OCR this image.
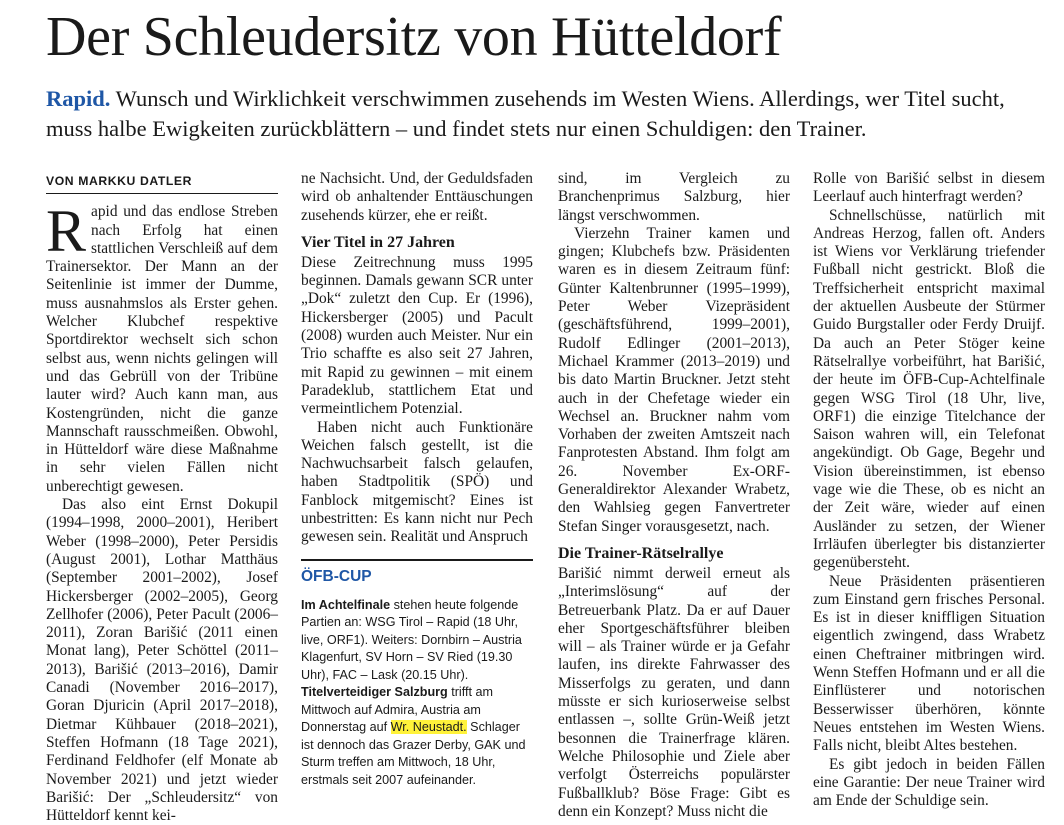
Der Schleudersitz von Hütteldorf

Rapid. Wunsch und Wirklichkeit verschwimmen zusehends im Westen Wiens. Allerdings, wer Titel sucht, muss halbe Ewigkeiten zurückblättern – und findet stets nur einen Schuldigen: den Trainer.

VON MARKKU DATLER

Rapid und das endlose Streben nach Erfolg hat einen stattlichen Verschleiß auf dem Trainersektor. Der Mann an der Seitenlinie ist immer der Dumme, muss ausnahmslos als Erster gehen. Welcher Klubchef respektive Sportdirektor wechselt sich schon selbst aus, wenn nichts gelingen will und das Gebrüll von der Tribüne lauter wird? Auch kann man, aus Kostengründen, nicht die ganze Mannschaft rausschmeißen. Obwohl, in Hütteldorf wäre diese Maßnahme in sehr vielen Fällen nicht unberechtigt gewesen.

Das also eint Ernst Dokupil (1994–1998, 2000–2001), Heribert Weber (1998–2000), Peter Persidis (August 2001), Lothar Matthäus (September 2001–2002), Josef Hickersberger (2002–2005), Georg Zellhofer (2006), Peter Pacult (2006–2011), Zoran Barišić (2011 einen Monat lang), Peter Schöttel (2011–2013), Barišić (2013–2016), Damir Canadi (November 2016–2017), Goran Djuricin (April 2017–2018), Dietmar Kühbauer (2018–2021), Steffen Hofmann (18 Tage 2021), Ferdinand Feldhofer (elf Monate ab November 2021) und jetzt wieder Barišić: Der „Schleudersitz“ von Hütteldorf kennt kei-

ne Nachsicht. Und, der Geduldsfaden wird ob anhaltender Enttäuschungen zusehends kürzer, ehe er reißt.

Vier Titel in 27 Jahren

Diese Zeitrechnung muss 1995 beginnen. Damals gewann SCR unter „Dok“ zuletzt den Cup. Er (1996), Hickersberger (2005) und Pacult (2008) wurden auch Meister. Nur ein Trio schaffte es also seit 27 Jahren, mit Rapid zu gewinnen – mit einem Paradeklub, stattlichem Etat und vermeintlichem Potenzial.

Haben nicht auch Funktionäre Weichen falsch gestellt, ist die Nachwuchsarbeit falsch gelaufen, haben Stadtpolitik (SPÖ) und Fanblock mitgemischt? Eines ist unbestritten: Es kann nicht nur Pech gewesen sein. Realität und Anspruch

ÖFB-CUP
Im Achtelfinale stehen heute folgende Partien an: WSG Tirol – Rapid (18 Uhr, live, ORF1). Weiters: Dornbirn – Austria Klagenfurt, SV Horn – SV Ried (19.30 Uhr), FAC – Lask (20.15 Uhr). Titelverteidiger Salzburg trifft am Mittwoch auf Admira, Austria am Donnerstag auf Wr. Neustadt. Schlager ist dennoch das Grazer Derby, GAK und Sturm treffen am Mittwoch, 18 Uhr, erstmals seit 2007 aufeinander.

sind, im Vergleich zu Branchenprimus Salzburg, hier längst verschwommen.

Vierzehn Trainer kamen und gingen; Klubchefs bzw. Präsidenten waren es in diesem Zeitraum fünf: Günter Kaltenbrunner (1995–1999), Peter Weber Vizepräsident (geschäftsführend, 1999–2001), Rudolf Edlinger (2001–2013), Michael Krammer (2013–2019) und bis dato Martin Bruckner. Jetzt steht auch in der Chefetage wieder ein Wechsel an. Bruckner nahm vom Vorhaben der zweiten Amtszeit nach Fanprotesten Abstand. Ihm folgt am 26. November Ex-ORF-Generaldirektor Alexander Wrabetz, den Wahlsieg gegen Fanvertreter Stefan Singer vorausgesetzt, nach.

Die Trainer-Rätselrallye

Barišić nimmt derweil erneut als „Interimslösung“ auf der Betreuerbank Platz. Da er auf Dauer eher Sportgeschäftsführer bleiben will – als Trainer würde er ja Gefahr laufen, ins direkte Fahrwasser des Misserfolgs zu geraten, und dann müsste er sich kurioserweise selbst entlassen –, sollte Grün-Weiß jetzt besonnen die Trainerfrage klären. Welche Philosophie und Ziele aber verfolgt Österreichs populärster Fußballklub? Böse Frage: Gibt es denn ein Konzept? Muss nicht die

Rolle von Barišić selbst in diesem Leerlauf auch hinterfragt werden?

Schnellschüsse, natürlich mit Andreas Herzog, fallen oft. Anders ist Wiens vor Verklärung triefender Fußball nicht gestrickt. Bloß die Treffsicherheit entspricht maximal der aktuellen Ausbeute der Stürmer Guido Burgstaller oder Ferdy Druijf. Da auch an Peter Stöger keine Rätselrallye vorbeiführt, hat Barišić, der heute im ÖFB-Cup-Achtelfinale gegen WSG Tirol (18 Uhr, live, ORF1) die einzige Titelchance der Saison wahren will, ein Telefonat angekündigt. Ob Gage, Begehr und Vision übereinstimmen, ist ebenso vage wie die These, ob es nicht an der Zeit wäre, wieder auf einen Ausländer zu setzen, der Wiener Irrläufen überlegter bis distanzierter gegenübersteht.

Neue Präsidenten präsentieren zum Einstand gern frisches Personal. Es ist in dieser kniffligen Situation eigentlich zwingend, dass Wrabetz einen Cheftrainer mitbringen wird. Wenn Steffen Hofmann und er all die Einflüsterer und notorischen Besserwisser überhören, könnte Neues entstehen im Westen Wiens. Falls nicht, bleibt Altes bestehen.

Es gibt jedoch in beiden Fällen eine Garantie: Der neue Trainer wird am Ende der Schuldige sein.
